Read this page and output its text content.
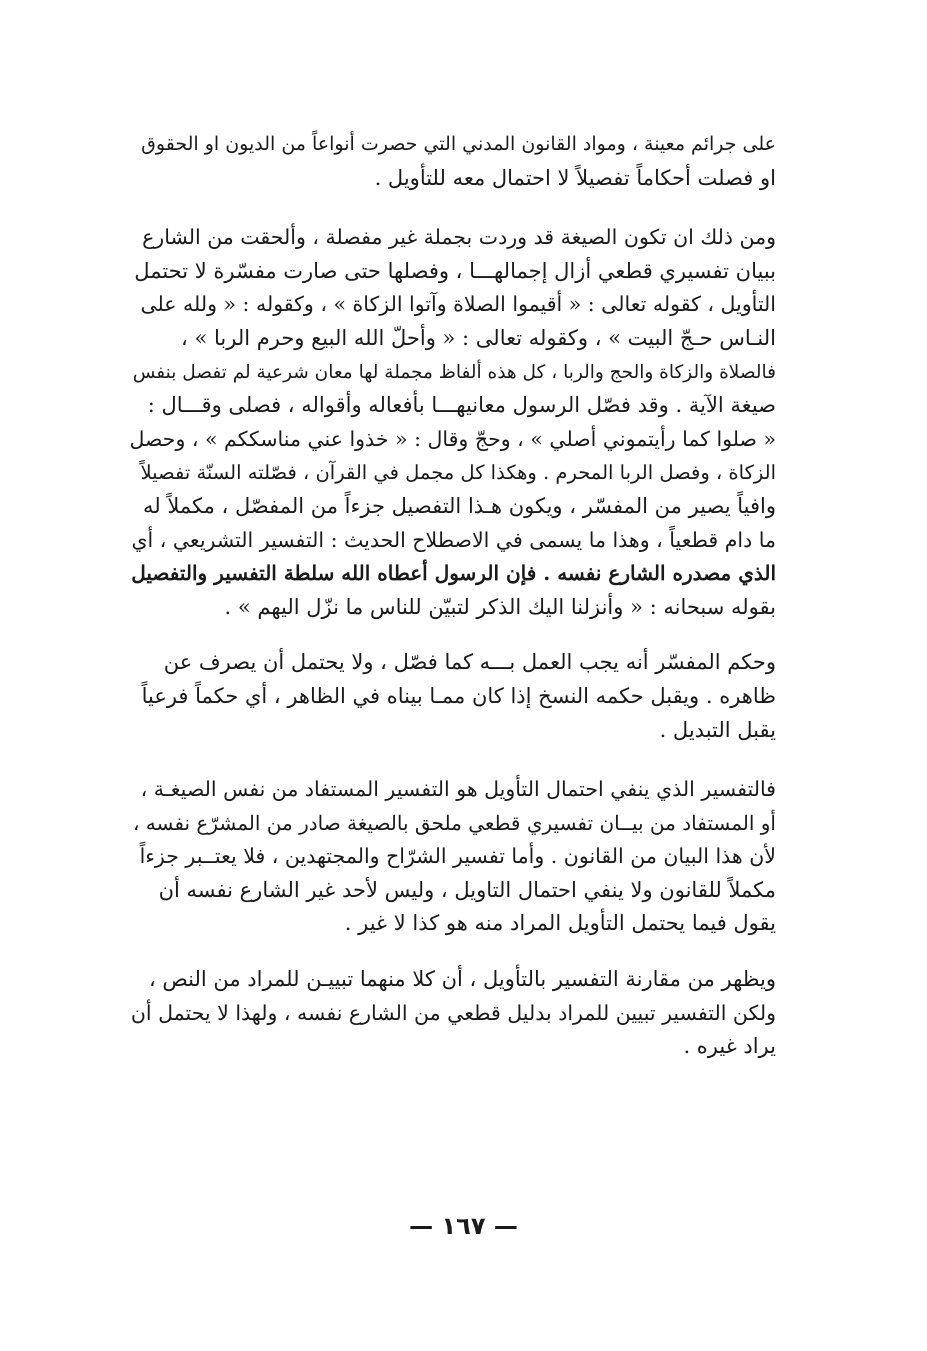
على جرائم معينة ، ومواد القانون المدني التي حصرت أنواعاً من الديون او الحقوق
او فصلت أحكاماً تفصيلاً لا احتمال معه للتأويل .
ومن ذلك ان تكون الصيغة قد وردت بجملة غير مفصلة ، وألحقت من الشارع
ببيان تفسيري قطعي أزال إجمالهـــا ، وفصلها حتى صارت مفسّرة لا تحتمل
التأويل ، كقوله تعالى : « أقيموا الصلاة وآتوا الزكاة » ، وكقوله : « ولله على
النـاس حـجّ البيت » ، وكقوله تعالى : « وأحلّ الله البيع وحرم الربا » ،
فالصلاة والزكاة والحج والربا ، كل هذه ألفاظ مجملة لها معان شرعية لم تفصل بنفس
صيغة الآية . وقد فصّل الرسول معانيهـــا بأفعاله وأقواله ، فصلى وقـــال :
« صلوا كما رأيتموني أصلي » ، وحجّ وقال : « خذوا عني مناسككم » ، وحصل
الزكاة ، وفصل الربا المحرم . وهكذا كل مجمل في القرآن ، فصّلته السنّة تفصيلاً
وافياً يصير من المفسّر ، ويكون هـذا التفصيل جزءاً من المفصّل ، مكملاً له
ما دام قطعياً ، وهذا ما يسمى في الاصطلاح الحديث : التفسير التشريعي ، أي
الذي مصدره الشارع نفسه . فإن الرسول أعطاه الله سلطة التفسير والتفصيل
بقوله سبحانه : « وأنزلنا اليك الذكر لتبيّن للناس ما نزّل اليهم » .
وحكم المفسّر أنه يجب العمل بـــه كما فصّل ، ولا يحتمل أن يصرف عن
ظاهره . ويقبل حكمه النسخ إذا كان ممـا بيناه في الظاهر ، أي حكماً فرعياً
يقبل التبديل .
فالتفسير الذي ينفي احتمال التأويل هو التفسير المستفاد من نفس الصيغـة ،
أو المستفاد من بيــان تفسيري قطعي ملحق بالصيغة صادر من المشرّع نفسه ،
لأن هذا البيان من القانون . وأما تفسير الشرّاح والمجتهدين ، فلا يعتــبر جزءاً
مكملاً للقانون ولا ينفي احتمال التاويل ، وليس لأحد غير الشارع نفسه أن
يقول فيما يحتمل التأويل المراد منه هو كذا لا غير .
ويظهر من مقارنة التفسير بالتأويل ، أن كلا منهما تبييـن للمراد من النص ،
ولكن التفسير تبيين للمراد بدليل قطعي من الشارع نفسه ، ولهذا لا يحتمل أن
يراد غيره .
— ١٦٧ —
